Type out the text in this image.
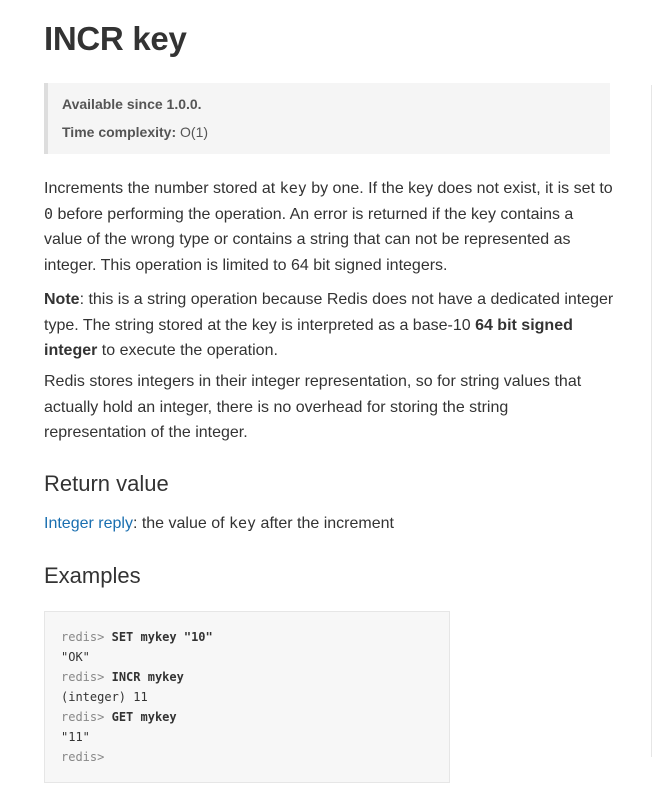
INCR key
Available since 1.0.0.
Time complexity: O(1)

Increments the number stored at key by one. If the key does not exist, it is set to 0 before performing the operation. An error is returned if the key contains a value of the wrong type or contains a string that can not be represented as integer. This operation is limited to 64 bit signed integers.

Note: this is a string operation because Redis does not have a dedicated integer type. The string stored at the key is interpreted as a base-10 64 bit signed integer to execute the operation.

Redis stores integers in their integer representation, so for string values that actually hold an integer, there is no overhead for storing the string representation of the integer.

Return value

Integer reply: the value of key after the increment

Examples
redis> SET mykey "10"
"OK"
redis> INCR mykey
(integer) 11
redis> GET mykey
"11"
redis>
